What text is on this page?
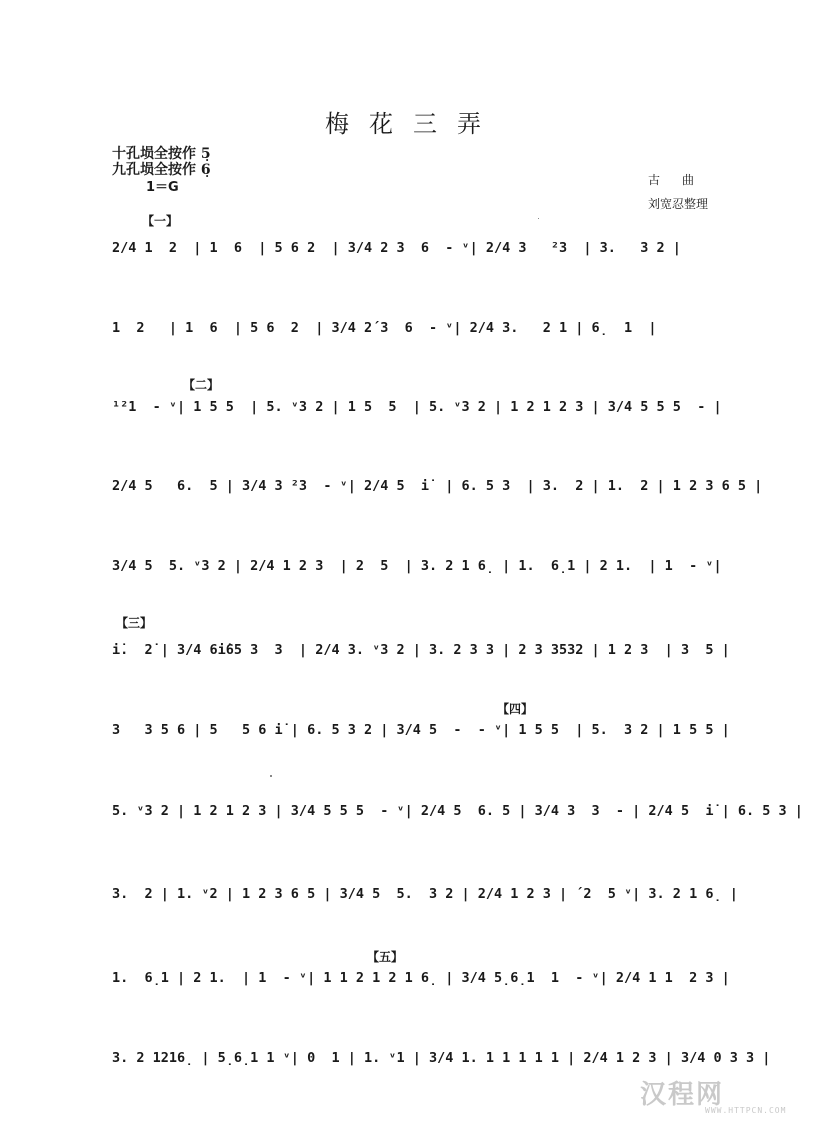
梅花三弄
十孔埙全按作 5̣
九孔埙全按作 6̣
1＝G	古曲
刘宽忍整理
【一】
【二】
【三】
【四】
【五】
2/4 1  2  | 1  6  | 5 6 2  | 3/4 2 3  6  - ᵛ| 2/4 3   ²3  | 3.   3 2 |
1  2   | 1  6  | 5 6  2  | 3/4 2´3  6  - ᵛ| 2/4 3.   2 1 | 6̣  1  |
¹²1  - ᵛ| 1 5 5  | 5. ᵛ3 2 | 1 5  5  | 5. ᵛ3 2 | 1 2 1 2 3 | 3/4 5 5 5  - |
2/4 5   6.  5 | 3/4 3 ²3  - ᵛ| 2/4 5  i̇  | 6. 5 3  | 3.  2 | 1.  2 | 1 2 3 6 5 |
3/4 5  5. ᵛ3 2 | 2/4 1 2 3  | 2  5  | 3. 2 1 6̣ | 1.  6̣1 | 2 1.  | 1  - ᵛ|
i̇.  2̇ | 3/4 6i̇65 3  3  | 2/4 3. ᵛ3 2 | 3. 2 3 3 | 2 3 3532 | 1 2 3  | 3  5 |
3   3 5 6 | 5   5 6 i̇ | 6. 5 3 2 | 3/4 5  -  - ᵛ| 1 5 5  | 5.  3 2 | 1 5 5 |
5. ᵛ3 2 | 1 2 1 2 3 | 3/4 5 5 5  - ᵛ| 2/4 5  6. 5 | 3/4 3  3  - | 2/4 5  i̇ | 6. 5 3 |
3.  2 | 1. ᵛ2 | 1 2 3 6 5 | 3/4 5  5.  3 2 | 2/4 1 2 3 | ´2  5 ᵛ| 3. 2 1 6̣ |
1.  6̣1 | 2 1.  | 1  - ᵛ| 1 1 2 1 2 1 6̣ | 3/4 5̣6̣1  1  - ᵛ| 2/4 1 1  2 3 |
3. 2 1216̣ | 5̣6̣1 1 ᵛ| 0  1 | 1. ᵛ1 | 3/4 1. 1 1 1 1 1 | 2/4 1 2 3 | 3/4 0 3 3 |
汉程网
WWW.HTTPCN.COM
